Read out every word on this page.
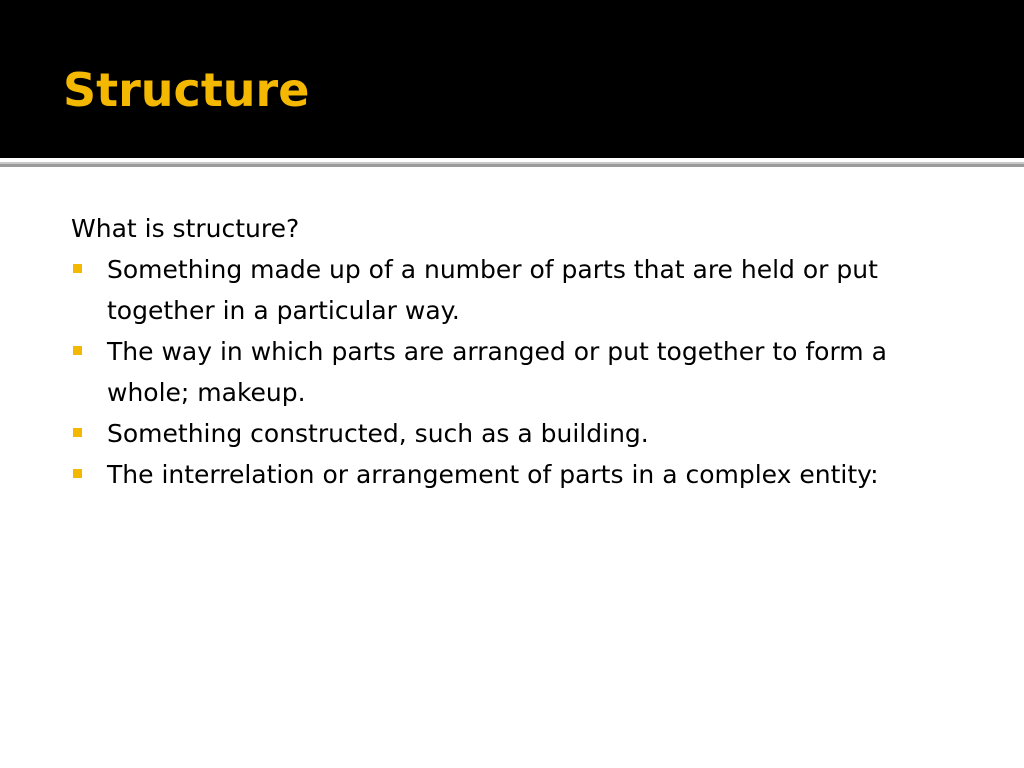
Structure

What is structure?

Something made up of a number of parts that are held or put together in a particular way.
The way in which parts are arranged or put together to form a whole; makeup.
Something constructed, such as a building.
The interrelation or arrangement of parts in a complex entity:
